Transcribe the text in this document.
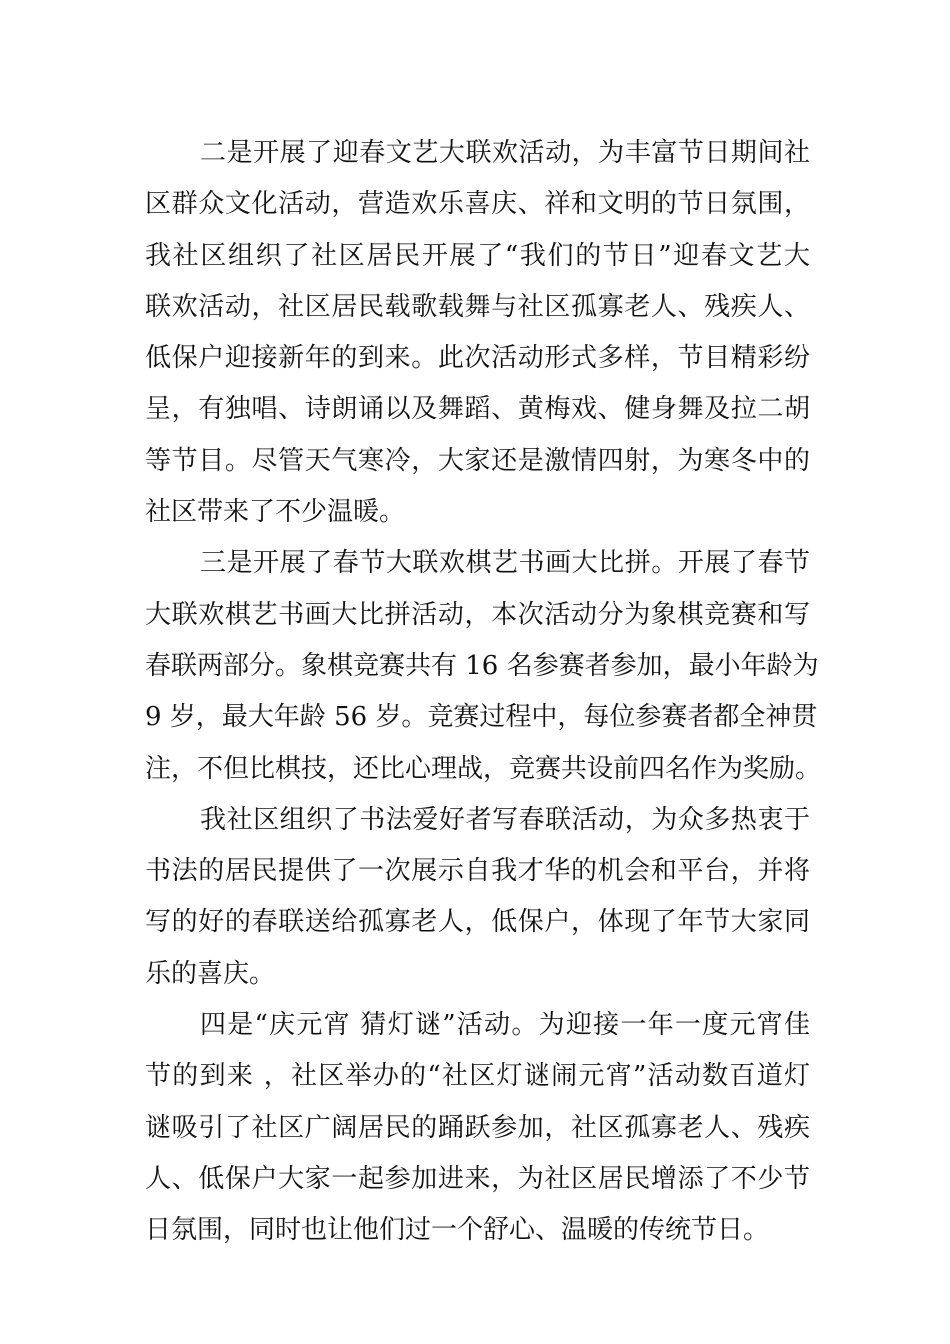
二是开展了迎春文艺大联欢活动，为丰富节日期间社
区群众文化活动，营造欢乐喜庆、祥和文明的节日氛围，
我社区组织了社区居民开展了“我们的节日”迎春文艺大
联欢活动，社区居民载歌载舞与社区孤寡老人、残疾人、
低保户迎接新年的到来。此次活动形式多样，节目精彩纷
呈，有独唱、诗朗诵以及舞蹈、黄梅戏、健身舞及拉二胡
等节目。尽管天气寒冷，大家还是激情四射，为寒冬中的
社区带来了不少温暖。
三是开展了春节大联欢棋艺书画大比拼。开展了春节
大联欢棋艺书画大比拼活动，本次活动分为象棋竞赛和写
春联两部分。象棋竞赛共有 16 名参赛者参加，最小年龄为
9 岁，最大年龄 56 岁。竞赛过程中，每位参赛者都全神贯
注，不但比棋技，还比心理战，竞赛共设前四名作为奖励。
我社区组织了书法爱好者写春联活动，为众多热衷于
书法的居民提供了一次展示自我才华的机会和平台，并将
写的好的春联送给孤寡老人，低保户，体现了年节大家同
乐的喜庆。
四是“庆元宵 猜灯谜”活动。为迎接一年一度元宵佳
节的到来 ，社区举办的“社区灯谜闹元宵”活动数百道灯
谜吸引了社区广阔居民的踊跃参加，社区孤寡老人、残疾
人、低保户大家一起参加进来，为社区居民增添了不少节
日氛围，同时也让他们过一个舒心、温暖的传统节日。
